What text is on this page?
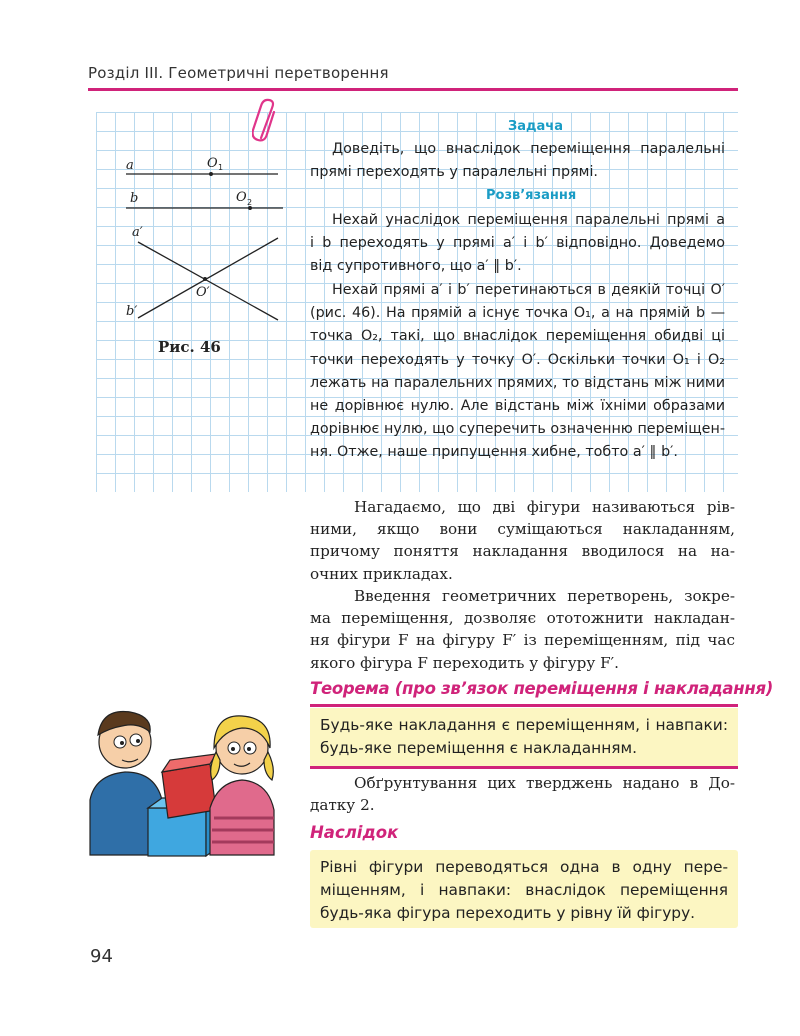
Розділ III. Геометричні перетворення
a
b
O 1
O 2
a′
b′
O′
Рис. 46
Задача
Доведіть, що внаслідок переміщення паралельні
прямі переходять у паралельні прямі.
Розв’язання
Нехай унаслідок переміщення паралельні прямі a
і b переходять у прямі a′ і b′ відповідно. Доведемо
від супротивного, що a′ ∥ b′.
Нехай прямі a′ і b′ перетинаються в деякій точці O′
(рис. 46). На прямій a існує точка O₁, а на прямій b —
точка O₂, такі, що внаслідок переміщення обидві ці
точки переходять у точку O′. Оскільки точки O₁ і O₂
лежать на паралельних прямих, то відстань між ними
не дорівнює нулю. Але відстань між їхніми образами
дорівнює нулю, що суперечить означенню переміщен-
ня. Отже, наше припущення хибне, тобто a′ ∥ b′.
Нагадаємо, що дві фігури називаються рів-
ними, якщо вони суміщаються накладанням,
причому поняття накладання вводилося на на-
очних прикладах.
Введення геометричних перетворень, зокре-
ма переміщення, дозволяє ототожнити накладан-
ня фігури F на фігуру F′ із переміщенням, під час
якого фігура F переходить у фігуру F′.
Теорема (про зв’язок переміщення і накладання)
Будь-яке накладання є переміщенням, і навпаки:
будь-яке переміщення є накладанням.
Обґрунтування цих тверджень надано в До-
датку 2.
Наслідок
Рівні фігури переводяться одна в одну пере-
міщенням, і навпаки: внаслідок переміщення
будь-яка фігура переходить у рівну їй фігуру.
94
